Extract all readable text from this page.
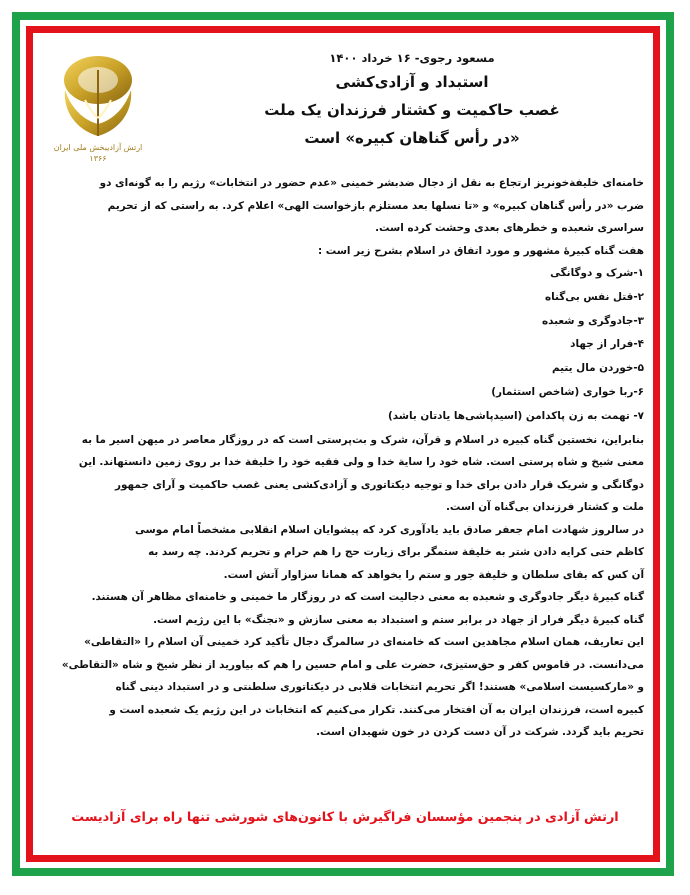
ارتش آزادیبخش ملی ایران
۱۳۶۶
مسعود رجوی- ۱۶ خرداد ۱۴۰۰
استبداد و آزادی‌کشی
غصب حاکمیت و کشتار فرزندان یک ملت
«در رأس گناهان کبیره» است

خامنه‌ای خلیفة‌خونریز ارتجاع به نقل از دجال ضدبشر خمینی «عدم حضور در انتخابات» رژیم را به گونه‌ای دو

ضرب «در رأس گناهان کبیره» و «تا نسلها بعد مستلزم بازخواست الهی» اعلام کرد. به راستی که از تحریم

سراسری شعبده و خطرهای بعدی وحشت کرده است.

هفت گناه کبیرهٔ مشهور و مورد اتفاق در اسلام بشرح زیر است :

۱-شرک و دوگانگی

۲-قتل نفس بی‌گناه

۳-جادوگری و شعبده

۴-فرار از جهاد

۵-خوردن مال یتیم

۶-ربا خواری (شاخص استثمار)

۷- تهمت به زن پاکدامن (اسیدپاشی‌ها یادتان باشد)

بنابراین، نخستین گناه کبیره در اسلام و قرآن، شرک و بت‌پرستی است که در روزگار معاصر در میهن اسیر ما به

معنی شیخ و شاه پرستی است. شاه خود را سایة خدا و ولی فقیه خود را خلیفة خدا بر روی زمین دانستهاند. این

دوگانگی و شریک قرار دادن برای خدا و توجیه دیکتاتوری و آزادی‌کشی یعنی غصب حاکمیت و آرای جمهور

ملت و کشتار فرزندان بی‌گناه آن است.

در سالروز شهادت امام جعفر صادق باید یادآوری کرد که پیشوایان اسلام انقلابی مشخصاً امام موسی

کاظم حتی کرایه دادن شتر به خلیفة ستمگر برای زیارت حج را هم حرام و تحریم کردند. چه رسد به

آن کس که بقای سلطان و خلیفة جور و ستم را بخواهد که همانا سزاوار آتش است.

گناه کبیرهٔ دیگر جادوگری و شعبده به معنی دجالیت است که در روزگار ما خمینی و خامنه‌ای مظاهر آن هستند.

گناه کبیرهٔ دیگر فرار از جهاد در برابر ستم و استبداد به معنی سازش و «نجنگ» با این رژیم است.

این تعاریف، همان اسلام مجاهدین است که خامنه‌ای در سالمرگ دجال تأکید کرد خمینی آن اسلام را «التقاطی»

می‌دانست. در قاموس کفر و حق‌ستیزی، حضرت علی و امام حسین را هم که بیاورید از نظر شیخ و شاه «التقاطی»

و «مارکسیست اسلامی» هستند! اگر تحریم انتخابات قلابی در دیکتاتوری سلطنتی و در استبداد دینی گناه

کبیره است، فرزندان ایران به آن افتخار می‌کنند. تکرار می‌کنیم که انتخابات در این رژیم یک شعبده است و

تحریم باید گردد. شرکت در آن دست کردن در خون شهیدان است.

ارتش آزادی در پنجمین مؤسسان فراگیرش با کانون‌های شورشی تنها راه برای آزادیست
